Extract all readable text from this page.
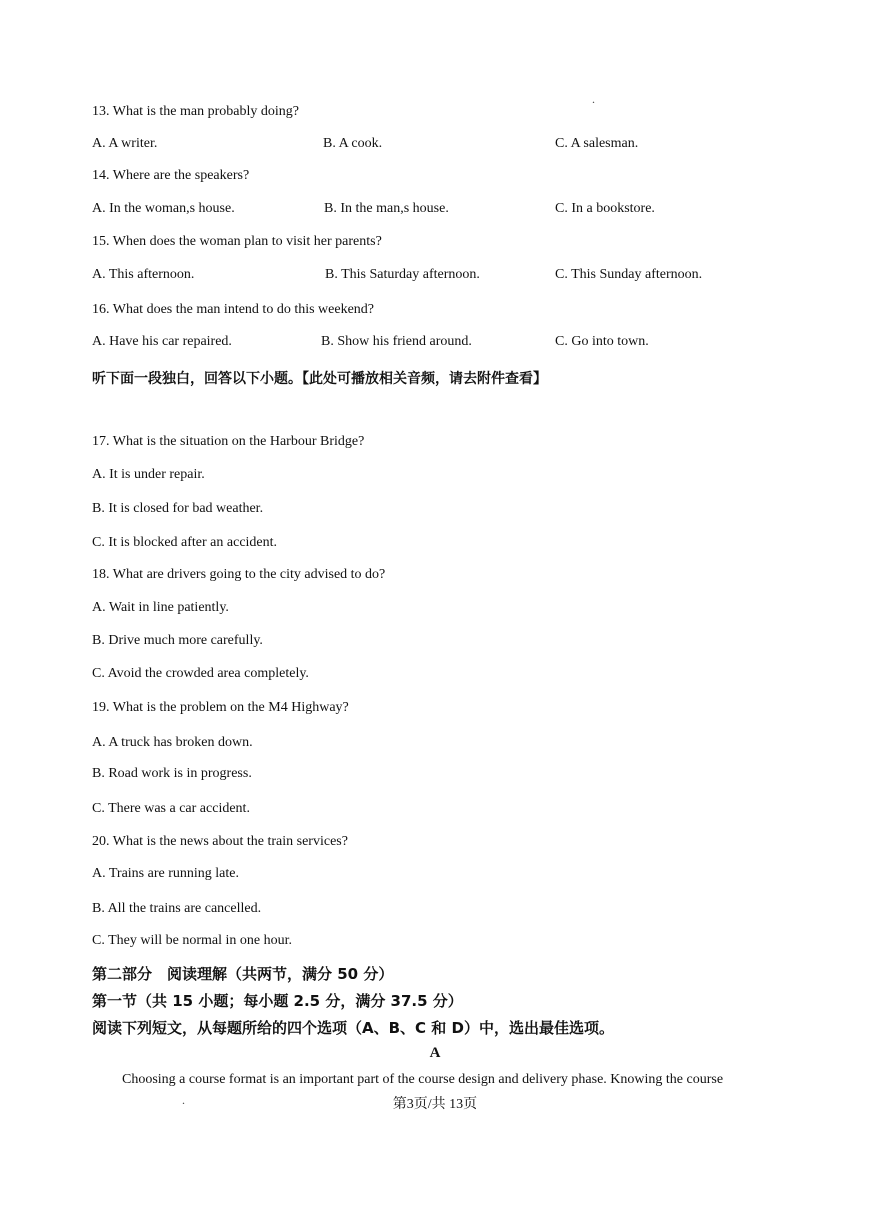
.
13. What is the man probably doing?
A. A writer.	B. A cook.	C. A salesman.
14. Where are the speakers?
A. In the woman,s house.	B. In the man,s house.	C. In a bookstore.
15. When does the woman plan to visit her parents?
A. This afternoon.	B. This Saturday afternoon.	C. This Sunday afternoon.
16. What does the man intend to do this weekend?
A. Have his car repaired.	B. Show his friend around.	C. Go into town.
听下面一段独白，回答以下小题。【此处可播放相关音频，请去附件查看】
17. What is the situation on the Harbour Bridge?
A. It is under repair.
B. It is closed for bad weather.
C. It is blocked after an accident.
18. What are drivers going to the city advised to do?
A. Wait in line patiently.
B. Drive much more carefully.
C. Avoid the crowded area completely.
19. What is the problem on the M4 Highway?
A. A truck has broken down.
B. Road work is in progress.
C. There was a car accident.
20. What is the news about the train services?
A. Trains are running late.
B. All the trains are cancelled.
C. They will be normal in one hour.
第二部分　阅读理解（共两节，满分 50 分）
第一节（共 15 小题；每小题 2.5 分，满分 37.5 分）
阅读下列短文，从每题所给的四个选项（A、B、C 和 D）中，选出最佳选项。
A
Choosing a course format is an important part of the course design and delivery phase. Knowing the course
.	第3页/共 13页
